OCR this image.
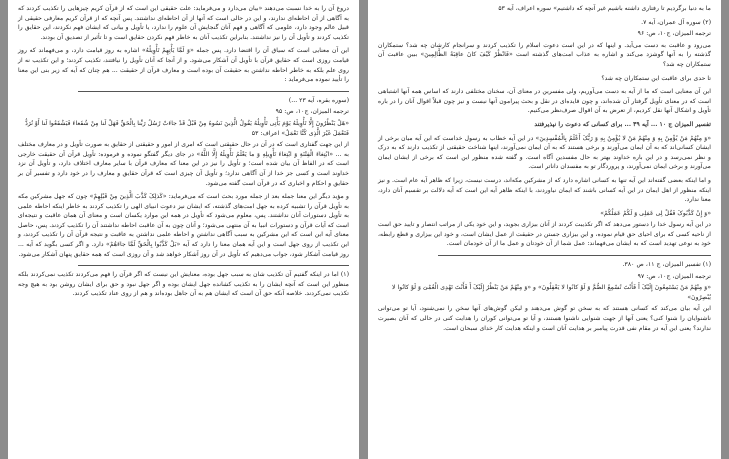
دروغ آن را به خدا نسبت می‌دهند «بیان می‌دارد و می‌فرماید: علت حقیقی این است که از قرآن کریم چیزهایی را تکذیب کردند که به آگاهی از آن احاطه‌ای ندارند، و این در حالی است که آنها از آن احاطه‌ای نداشتند. پس آنچه که از قرآن کریم معارفی حقیقی از قبیل عالم وجود دارد، علومی که آگاهی و فهم آنان گنجایش آن علوم را ندارد، یا تأویل و بیانی که ایشان فهم نکردند، این حقایق را تکذیب کردند و تأویل آن را نیز نداشتند. بنابراین تکذیب آنان به خاطر فهم نکردن حقایق است و تا تأثیر از تصدیق آن بودند.

این آن معنایی است که سیاق آن را اقتضا دارد. پس جمله «وَ لَمَّا یَأْتِهِمْ تَأْوِیلُهُ» اشاره به روز قیامت دارد، و می‌فهماند که روز قیامت روزی است که حقایق قرآن با تأویل آن آشکار می‌شود. و از آنجا که آنان تأویل را نیافتند، تکذیب کردند؛ و این تکذیب نه از روی علم بلکه به خاطر احاطه نداشتن به حقیقت آن بوده است و معارف قرآن از حقیقت ... هم چنان که آیه که زیر بنی این معنا را تأیید نموده می‌فرماید :

(سوره بقره، آیه ۲۳ ...)

ترجمه المیزان، ج۱۰، ص: ۹۵

«هَلْ یَنْظُرُونَ إِلَّا تَأْوِیلَهُ یَوْمَ یَأْتِی تَأْوِیلُهُ یَقُولُ الَّذِینَ نَسُوهُ مِنْ قَبْلُ قَدْ جاءَتْ رُسُلُ رَبِّنا بِالْحَقِّ فَهَلْ لَنا مِنْ شُفَعاءَ فَیَشْفَعُوا لَنا أَوْ نُرَدُّ فَنَعْمَلَ غَیْرَ الَّذِی کُنَّا نَعْمَلُ» اعراف: ۵۳

از این جهت گفتاری است که در آن در حال حقیقتی است که امری از امور و حقیقتی از حقایق به صورت تأویل و در معارف مختلف به ... «ابْتِغاءَ الْفِتْنَةِ وَ ابْتِغاءَ تَأْوِیلِهِ وَ ما یَعْلَمُ تَأْوِیلَهُ إِلَّا اللَّهُ» در جای دیگر گفتگو نموده و فرموده: تأویل قرآن آن حقیقت خارجی است که در الفاظ آن بیان شده است؛ و تأویل را نیز در این معنا که معارف قرآن با سایر معارف اختلاف دارد، و تأویل آن نزد خداوند است و کسی جز خدا از آن آگاهی ندارد؛ و تأویل آن چیزی است که قرآن حقایق و معارف را در خود دارد و تفسیر آن بر حقایق و احکام و اخباری که در قرآن است گفته می‌شود.

و مؤید دیگر این معنا جمله بعد از جمله مورد بحث است که می‌فرماید: «کَذلِکَ کَذَّبَ الَّذِینَ مِنْ قَبْلِهِمْ» چون که جهل مشرکین مکه به تأویل قرآن را تشبیه کرده به جهل امت‌های گذشته، که ایشان نیز دعوت انبیای الهی را تکذیب کردند به خاطر اینکه احاطه علمی به تأویل دستورات آنان نداشتند. پس، معلوم می‌شود که تأویل در همه این موارد یکسان است و معنای آن همان عاقبت و نتیجه‌ای است که آیات قرآن و دستورات انبیا به آن منتهی می‌شود؛ و آنان چون به آن عاقبت احاطه نداشتند آن را تکذیب کردند. پس، حاصل معنای آیه این است که این مشرکین به سبب آگاهی نداشتن و احاطه علمی نداشتن به عاقبت و نتیجه قرآن آن را تکذیب کردند، و این تکذیب از روی جهل است و این آیه همان معنا را دارد که آیه «بَلْ کَذَّبُوا بِالْحَقِّ لَمَّا جاءَهُمْ» دارد. و اگر کسی بگوید که آیه ... روز قیامت آشکار شود، جواب می‌دهیم که تأویل در آن روز آشکار خواهد شد و آن روزی است که همه حقایق پنهان آشکار می‌شود.

(۱) اما در اینکه گفتیم آن تکذیب شان به سبب جهل بوده، معنایش این نیست که اگر قرآن را فهم می‌کردند تکذیب نمی‌کردند بلکه منظور این است که آنچه ایشان را به تکذیب کشانده جهل ایشان بوده و اگر جهل نبود و حق برای ایشان روشن بود به هیچ وجه تکذیب نمی‌کردند. خلاصه آنکه حق آن است که ایشان هم به آن جاهل بوده‌اند و هم از روی عناد تکذیب کردند.

ما به دنیا برگردیم تا رفتاری داشته باشیم غیر آنچه که داشتیم» سوره اعراف، آیه ۵۳

(۲) سوره آل عمران، آیه ۷.

ترجمه المیزان، ج۱۰، ص: ۹۶

می‌رود و عاقبت به دست می‌آید. و اینها که در این است دعوت اسلام را تکذیب کردند و سرانجام کارشان چه شد؟ ستمکاران گذشته را به آنها گوشزد می‌کند و اشاره به عذاب امت‌های گذشته است «فَانْظُرْ کَیْفَ کانَ عاقِبَةُ الظَّالِمِینَ» ببین عاقبت آن ستمکاران چه شد؟

تا حدی برای عاقبت این ستمکاران چه شد؟

این آن معنایی است که ما از آیه به دست می‌آوریم، ولی مفسرین در معنای آن، سخنان مختلفی دارند که اساس همه آنها اشتباهی است که در معنای تأویل گرفتار آن شده‌اند، و چون فایده‌ای در نقل و بحث پیرامون آنها نیست و نیز چون قبلاً اقوال آنان را در باره تأویل و اشکال آنها نقل کردیم، از تعرض به آن اقوال صرف‌نظر می‌کنیم.

تفسیر المیزان ج ۱۰ ... آیه ۳۹ ... برای کسانی که دعوت را نپذیرفتند

«وَ مِنْهُمْ مَنْ یُؤْمِنُ بِهِ وَ مِنْهُمْ مَنْ لا یُؤْمِنُ بِهِ وَ رَبُّکَ أَعْلَمُ بِالْمُفْسِدِینَ» در این آیه خطاب به رسول خداست که این آیه میان برخی از ایشان کسانی‌اند که به آن ایمان می‌آورند و برخی هستند که به آن ایمان نمی‌آورند، اینها شناخت حقیقتی از تکذیب دارند که به درک و نظر نمی‌رسد و در این باره خداوند بهتر به حال مفسدین آگاه است. و گفته شده منظور این است که برخی از ایشان ایمان می‌آورند و برخی ایمان نمی‌آورند، و پروردگار تو به مفسدان داناتر است.

و اما اینکه بعضی گفته‌اند این آیه تنها به کسانی اشاره دارد که از مشرکین مکه‌اند، درست نیست، زیرا که ظاهر آیه عام است. و نیز اینکه منظور از اهل ایمان در این آیه کسانی باشند که ایمان نیاوردند، با اینکه ظاهر آیه این است که آیه دلالت بر تقسیم آنان دارد، معنا ندارد.

«وَ إِنْ کَذَّبُوکَ فَقُلْ لِی عَمَلِی وَ لَکُمْ عَمَلُکُمْ»

در این آیه رسول خدا را دستور می‌دهد که اگر تکذیبت کردند از آنان بیزاری بجوید، و این خود یکی از مراتب انتصار و تایید حق است از ناحیه کسی که برای احیای حق قیام نموده، و این بیزاری جستن در حقیقت از عمل ایشان است، و خود این بیزاری و قطع رابطه، خود به نوعی تهدید است که به ایشان می‌فهماند: عمل شما از آن خودتان و عمل ما از آن خودمان است.

(۱) تفسیر المیزان، ج ۱۱، ص ۳۸۰.

ترجمه المیزان، ج۱۰، ص: ۹۷

«وَ مِنْهُمْ مَنْ یَسْتَمِعُونَ إِلَیْکَ أَ فَأَنْتَ تُسْمِعُ الصُّمَّ وَ لَوْ کانُوا لا یَعْقِلُونَ» و «وَ مِنْهُمْ مَنْ یَنْظُرُ إِلَیْکَ أَ فَأَنْتَ تَهْدِی الْعُمْیَ وَ لَوْ کانُوا لا یُبْصِرُونَ»

این آیه بیان می‌کند که کسانی هستند که به سخن تو گوش می‌دهند و لیکن گوش‌های آنها سخن را نمی‌شنود، آیا تو می‌توانی ناشنوایان را شنوا کنی؟ یعنی آنها از جهت شنوایی ناشنوا هستند، و آیا تو می‌توانی کوران را هدایت کنی در حالی که آنان بصیرت ندارند؟ یعنی این آیه در مقام نفی قدرت پیامبر بر هدایت آنان است و اینکه هدایت کار خدای سبحان است.
